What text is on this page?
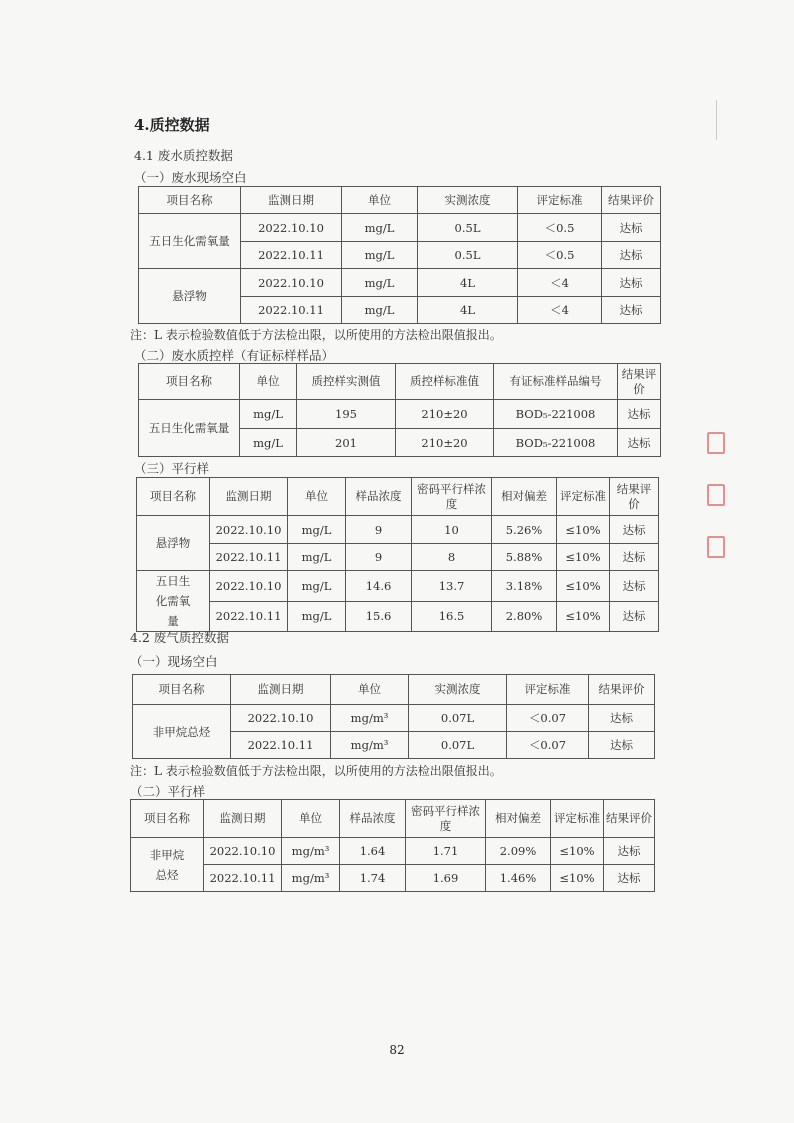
4.质控数据
4.1 废水质控数据
（一）废水现场空白
项目名称	监测日期	单位	实测浓度	评定标准	结果评价
五日生化需氧量	2022.10.10	mg/L	0.5L	＜0.5	达标
	2022.10.11	mg/L	0.5L	＜0.5	达标
悬浮物	2022.10.10	mg/L	4L	＜4	达标
	2022.10.11	mg/L	4L	＜4	达标
注：L 表示检验数值低于方法检出限，以所使用的方法检出限值报出。
（二）废水质控样（有证标样样品）
项目名称	单位	质控样实测值	质控样标准值	有证标准样品编号	结果评价
五日生化需氧量	mg/L	195	210±20	BOD₅-221008	达标
	mg/L	201	210±20	BOD₅-221008	达标
（三）平行样
项目名称	监测日期	单位	样品浓度	密码平行样浓度	相对偏差	评定标准	结果评价
悬浮物	2022.10.10	mg/L	9	10	5.26%	≤10%	达标
	2022.10.11	mg/L	9	8	5.88%	≤10%	达标

五日生化需氧量	2022.10.10	mg/L	14.6	13.7	3.18%	≤10%	达标
	2022.10.11	mg/L	15.6	16.5	2.80%	≤10%	达标
4.2 废气质控数据
（一）现场空白
项目名称	监测日期	单位	实测浓度	评定标准	结果评价
非甲烷总烃	2022.10.10	mg/m³	0.07L	＜0.07	达标
	2022.10.11	mg/m³	0.07L	＜0.07	达标
注：L 表示检验数值低于方法检出限，以所使用的方法检出限值报出。
（二）平行样
项目名称	监测日期	单位	样品浓度	密码平行样浓度	相对偏差	评定标准	结果评价

非甲烷总烃	2022.10.10	mg/m³	1.64	1.71	2.09%	≤10%	达标
	2022.10.11	mg/m³	1.74	1.69	1.46%	≤10%	达标
82
